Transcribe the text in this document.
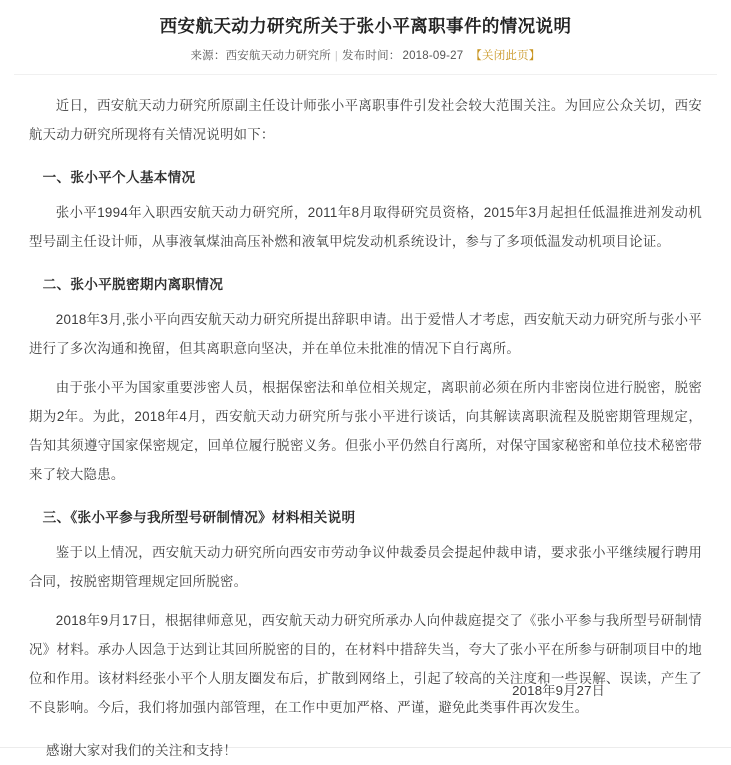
西安航天动力研究所关于张小平离职事件的情况说明
来源：西安航天动力研究所 | 发布时间： 2018-09-27 【关闭此页】

近日，西安航天动力研究所原副主任设计师张小平离职事件引发社会较大范围关注。为回应公众关切，西安航天动力研究所现将有关情况说明如下：

一、张小平个人基本情况

张小平1994年入职西安航天动力研究所，2011年8月取得研究员资格，2015年3月起担任低温推进剂发动机型号副主任设计师，从事液氧煤油高压补燃和液氧甲烷发动机系统设计，参与了多项低温发动机项目论证。

二、张小平脱密期内离职情况

2018年3月,张小平向西安航天动力研究所提出辞职申请。出于爱惜人才考虑，西安航天动力研究所与张小平进行了多次沟通和挽留，但其离职意向坚决，并在单位未批准的情况下自行离所。

由于张小平为国家重要涉密人员，根据保密法和单位相关规定，离职前必须在所内非密岗位进行脱密，脱密期为2年。为此，2018年4月，西安航天动力研究所与张小平进行谈话，向其解读离职流程及脱密期管理规定，告知其须遵守国家保密规定，回单位履行脱密义务。但张小平仍然自行离所，对保守国家秘密和单位技术秘密带来了较大隐患。

三、《张小平参与我所型号研制情况》材料相关说明

鉴于以上情况，西安航天动力研究所向西安市劳动争议仲裁委员会提起仲裁申请，要求张小平继续履行聘用合同，按脱密期管理规定回所脱密。

2018年9月17日，根据律师意见，西安航天动力研究所承办人向仲裁庭提交了《张小平参与我所型号研制情况》材料。承办人因急于达到让其回所脱密的目的，在材料中措辞失当，夸大了张小平在所参与研制项目中的地位和作用。该材料经张小平个人朋友圈发布后，扩散到网络上，引起了较高的关注度和一些误解、误读，产生了不良影响。今后，我们将加强内部管理，在工作中更加严格、严谨，避免此类事件再次发生。

感谢大家对我们的关注和支持！

2018年9月27日
